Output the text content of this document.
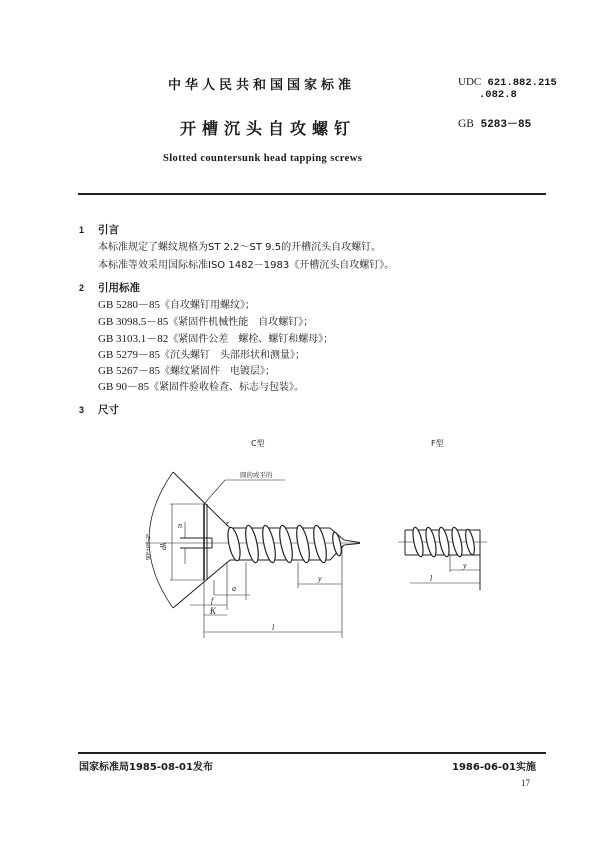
中华人民共和国国家标准	UDC 621.882.215
.082.8
开槽沉头自攻螺钉	GB 5283－85
Slotted countersunk head tapping screws
1 引言
本标准规定了螺纹规格为ST 2.2～ST 9.5的开槽沉头自攻螺钉。
本标准等效采用国际标准ISO 1482－1983《开槽沉头自攻螺钉》。
2 引用标准
GB 5280－85《自攻螺钉用螺纹》；
GB 3098.5－85《紧固件机械性能　自攻螺钉》；
GB 3103.1－82《紧固件公差　螺栓、螺钉和螺母》；
GB 5279－85《沉头螺钉　头部形状和测量》；
GB 5267－85《螺纹紧固件　电镀层》；
GB 90－85《紧固件验收检查、标志与包装》。
3 尺寸
C型	F型
圆的或平的
r
n
dk
90°+0°/-2°
a
f
K
l
y
y
l
国家标准局1985-08-01发布	1986-06-01实施
17
